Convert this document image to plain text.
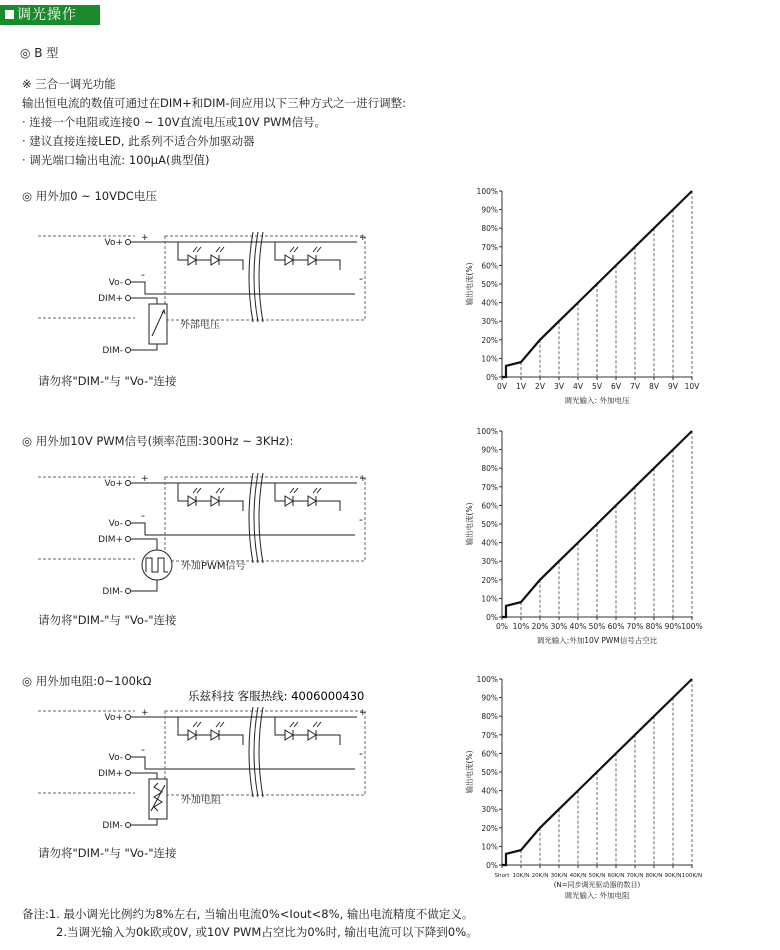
调光操作
◎ B 型
※ 三合一调光功能
输出恒电流的数值可通过在DIM+和DIM-间应用以下三种方式之一进行调整:
· 连接一个电阻或连接0 ~ 10V直流电压或10V PWM信号。
· 建议直接连接LED, 此系列不适合外加驱动器
· 调光端口输出电流: 100μA(典型值)
◎ 用外加0 ~ 10VDC电压
请勿将"DIM-"与 "Vo-"连接
◎ 用外加10V PWM信号(频率范围:300Hz ~ 3KHz):
请勿将"DIM-"与 "Vo-"连接
◎ 用外加电阻:0~100kΩ
请勿将"DIM-"与 "Vo-"连接
乐兹科技 客服热线: 4006000430
Vo+
Vo-
DIM+
DIM-
+
-
+
-
外部电压
Vo+
Vo-
DIM+
DIM-
+
-
+
-
外加PWM信号
Vo+
Vo-
DIM+
DIM-
+
-
+
-
外加电阻
0%
10%
20%
30%
40%
50%
60%
70%
80%
90%
100%
0V 1V 2V 3V 4V 5V 6V 7V 8V 9V 10V
输出电流(%)
调光输入: 外加电压
0%
10%
20%
30%
40%
50%
60%
70%
80%
90%
100%
0% 10% 20% 30% 40% 50% 60% 70% 80% 90% 100%
输出电流(%)
调光输入:外加10V PWM信号占空比
0%
10%
20%
30%
40%
50%
60%
70%
80%
90%
100%
Short 10K/N 20K/N 30K/N 40K/N 50K/N 60K/N 70K/N 80K/N 90K/N 100K/N
输出电流(%)
(N=同步调光驱动器的数目)
调光输入: 外加电阻
备注:1. 最小调光比例约为8%左右, 当输出电流0%<Iout<8%, 输出电流精度不做定义。
2.当调光输入为0k欧或0V, 或10V PWM占空比为0%时, 输出电流可以下降到0%。
